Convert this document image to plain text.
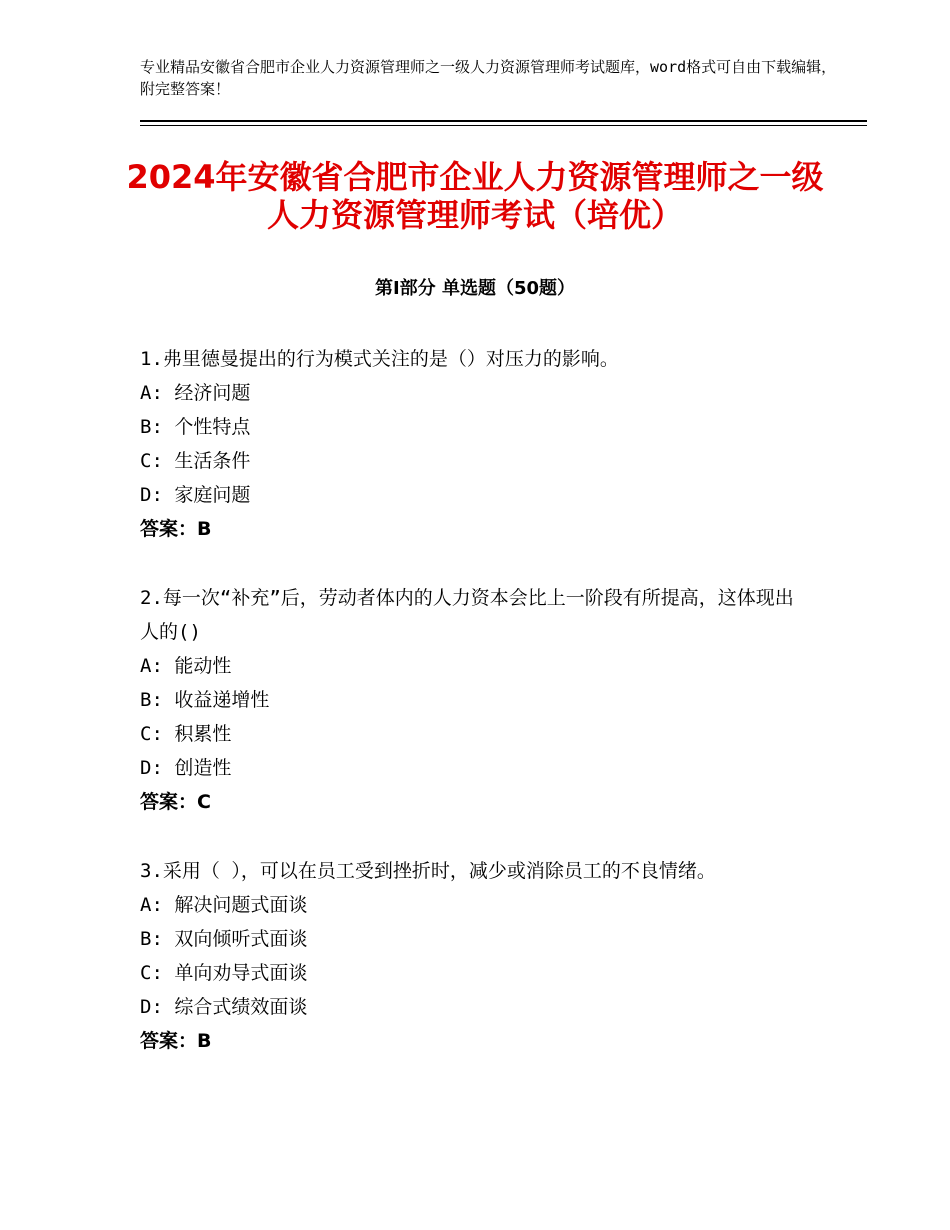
专业精品安徽省合肥市企业人力资源管理师之一级人力资源管理师考试题库，word格式可自由下载编辑，附完整答案！
2024年安徽省合肥市企业人力资源管理师之一级人力资源管理师考试（培优）
第Ⅰ部分 单选题（50题）

1.弗里德曼提出的行为模式关注的是（）对压力的影响。

A: 经济问题

B: 个性特点

C: 生活条件

D: 家庭问题

答案：B

2.每一次“补充”后，劳动者体内的人力资本会比上一阶段有所提高，这体现出人的()

A: 能动性

B: 收益递增性

C: 积累性

D: 创造性

答案：C

3.采用（ ），可以在员工受到挫折时，减少或消除员工的不良情绪。

A: 解决问题式面谈

B: 双向倾听式面谈

C: 单向劝导式面谈

D: 综合式绩效面谈

答案：B
